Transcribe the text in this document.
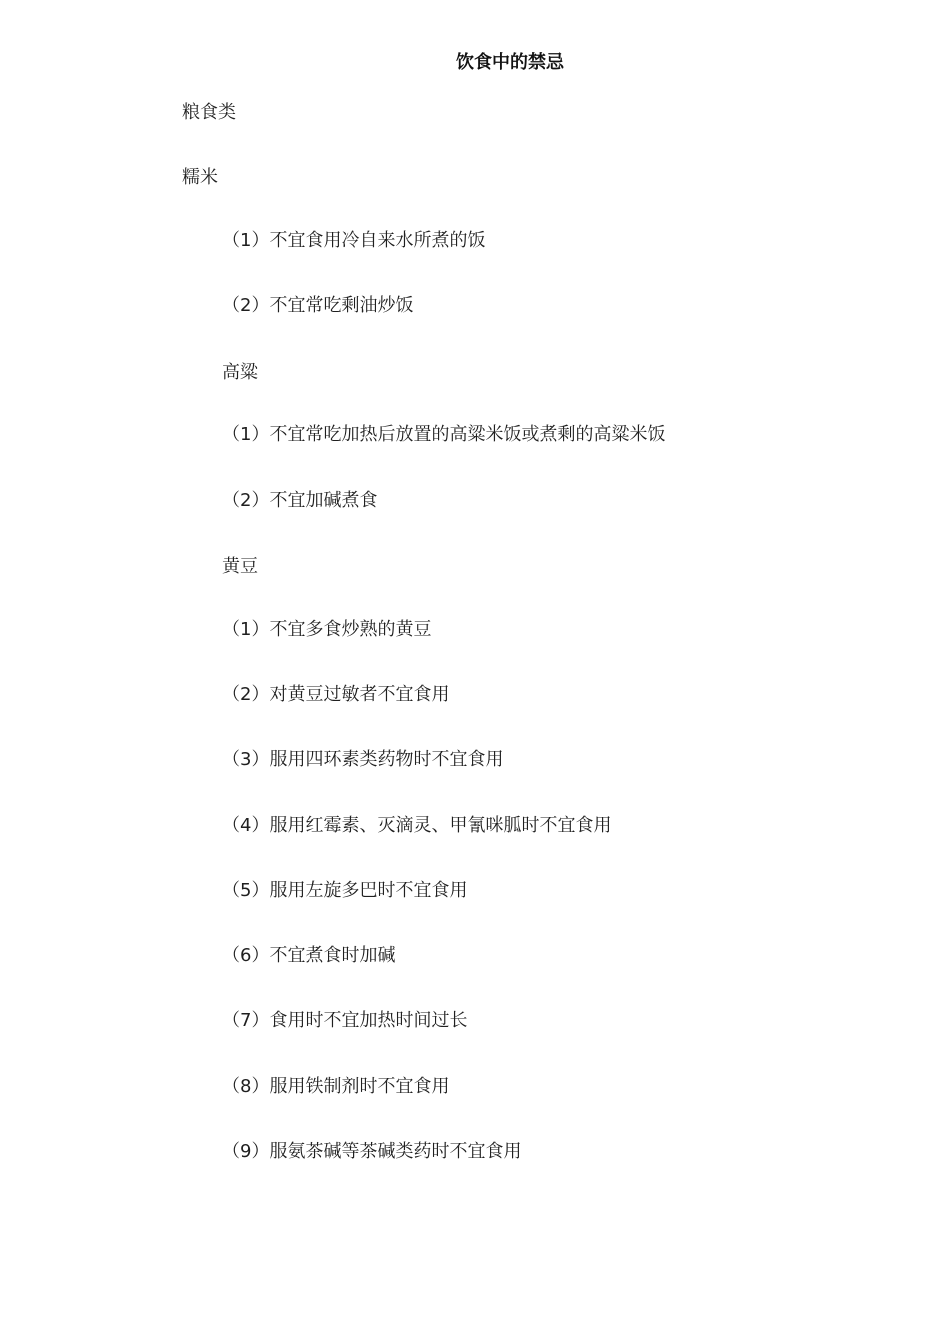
饮食中的禁忌
粮食类
糯米
（1）不宜食用冷自来水所煮的饭
（2）不宜常吃剩油炒饭
高粱
（1）不宜常吃加热后放置的高粱米饭或煮剩的高粱米饭
（2）不宜加碱煮食
黄豆
（1）不宜多食炒熟的黄豆
（2）对黄豆过敏者不宜食用
（3）服用四环素类药物时不宜食用
（4）服用红霉素、灭滴灵、甲氰咪胍时不宜食用
（5）服用左旋多巴时不宜食用
（6）不宜煮食时加碱
（7）食用时不宜加热时间过长
（8）服用铁制剂时不宜食用
（9）服氨茶碱等茶碱类药时不宜食用
